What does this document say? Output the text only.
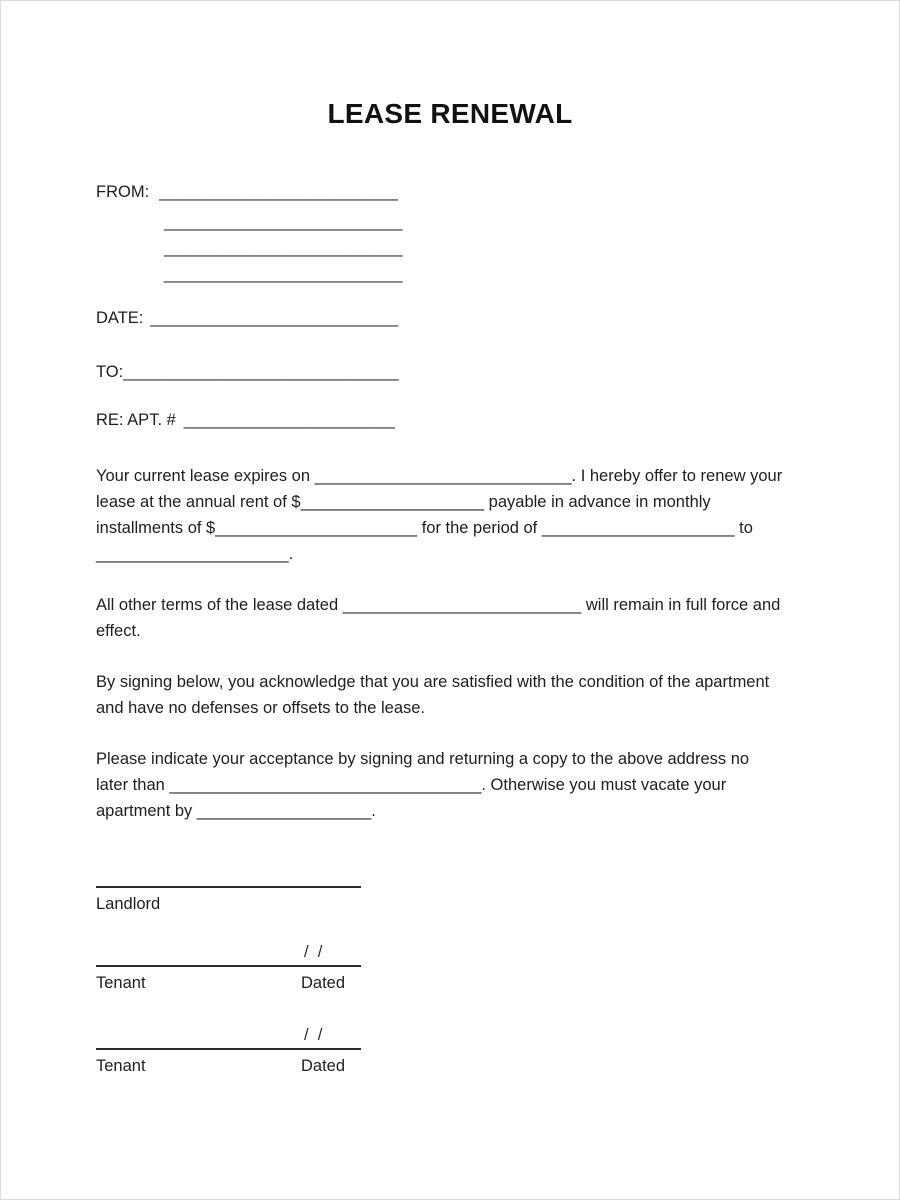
LEASE RENEWAL
FROM: __________________________
__________________________
__________________________
__________________________
DATE: ___________________________
TO: ______________________________
RE: APT. # _______________________
Your current lease expires on ____________________________. I hereby offer to renew your
lease at the annual rent of $____________________ payable in advance in monthly
installments of $______________________ for the period of _____________________ to
_____________________.
All other terms of the lease dated __________________________ will remain in full force and
effect.
By signing below, you acknowledge that you are satisfied with the condition of the apartment
and have no defenses or offsets to the lease.
Please indicate your acceptance by signing and returning a copy to the above address no
later than __________________________________. Otherwise you must vacate your
apartment by ___________________.
Landlord
/  /
Tenant	Dated
/  /
Tenant	Dated
